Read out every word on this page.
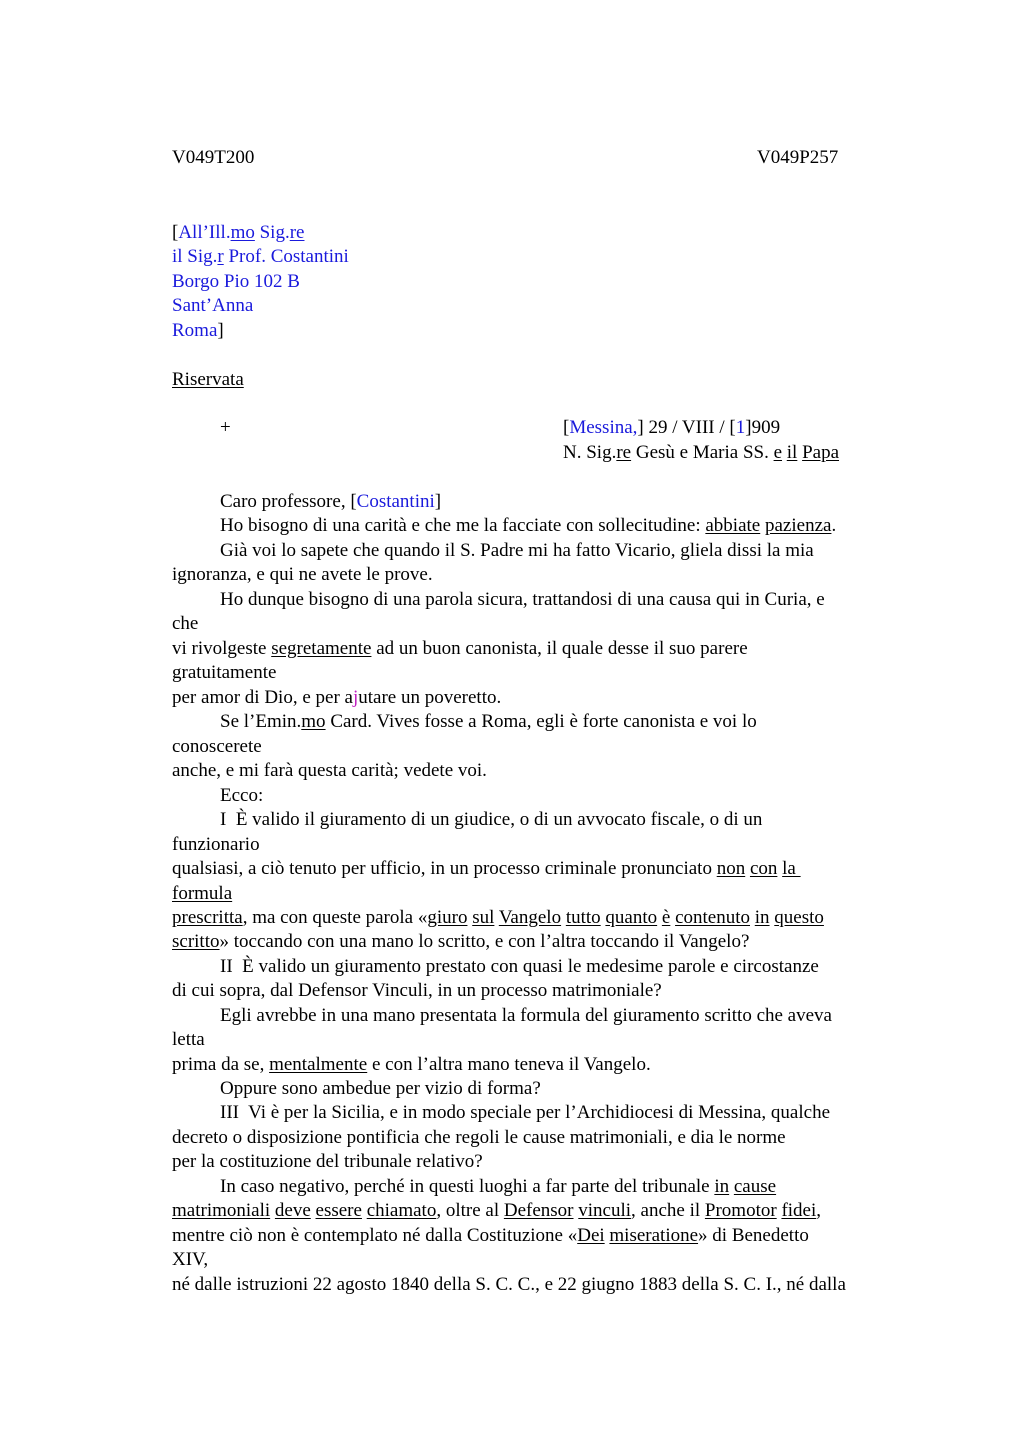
V049T200	V049P257
[All’Ill.mo Sig.re
il Sig.r Prof. Costantini
Borgo Pio 102 B
Sant’Anna
Roma]
Riservata
+	[Messina,] 29 / VIII / [1]909
N. Sig.re Gesù e Maria SS. e il Papa
Caro professore, [Costantini]
Ho bisogno di una carità e che me la facciate con sollecitudine: abbiate pazienza.
Già voi lo sapete che quando il S. Padre mi ha fatto Vicario, gliela dissi la mia
ignoranza, e qui ne avete le prove.
Ho dunque bisogno di una parola sicura, trattandosi di una causa qui in Curia, e
che
vi rivolgeste segretamente ad un buon canonista, il quale desse il suo parere
gratuitamente
per amor di Dio, e per ajutare un poveretto.
Se l’Emin.mo Card. Vives fosse a Roma, egli è forte canonista e voi lo
conoscerete
anche, e mi farà questa carità; vedete voi.
Ecco:
I  È valido il giuramento di un giudice, o di un avvocato fiscale, o di un
funzionario
qualsiasi, a ciò tenuto per ufficio, in un processo criminale pronunciato non con la
formula
prescritta, ma con queste parola «giuro sul Vangelo tutto quanto è contenuto in questo
scritto» toccando con una mano lo scritto, e con l’altra toccando il Vangelo?
II  È valido un giuramento prestato con quasi le medesime parole e circostanze
di cui sopra, dal Defensor Vinculi, in un processo matrimoniale?
Egli avrebbe in una mano presentata la formula del giuramento scritto che aveva
letta
prima da se, mentalmente e con l’altra mano teneva il Vangelo.
Oppure sono ambedue per vizio di forma?
III  Vi è per la Sicilia, e in modo speciale per l’Archidiocesi di Messina, qualche
decreto o disposizione pontificia che regoli le cause matrimoniali, e dia le norme
per la costituzione del tribunale relativo?
In caso negativo, perché in questi luoghi a far parte del tribunale in cause
matrimoniali deve essere chiamato, oltre al Defensor vinculi, anche il Promotor fidei,
mentre ciò non è contemplato né dalla Costituzione «Dei miseratione» di Benedetto
XIV,
né dalle istruzioni 22 agosto 1840 della S. C. C., e 22 giugno 1883 della S. C. I., né dalla
